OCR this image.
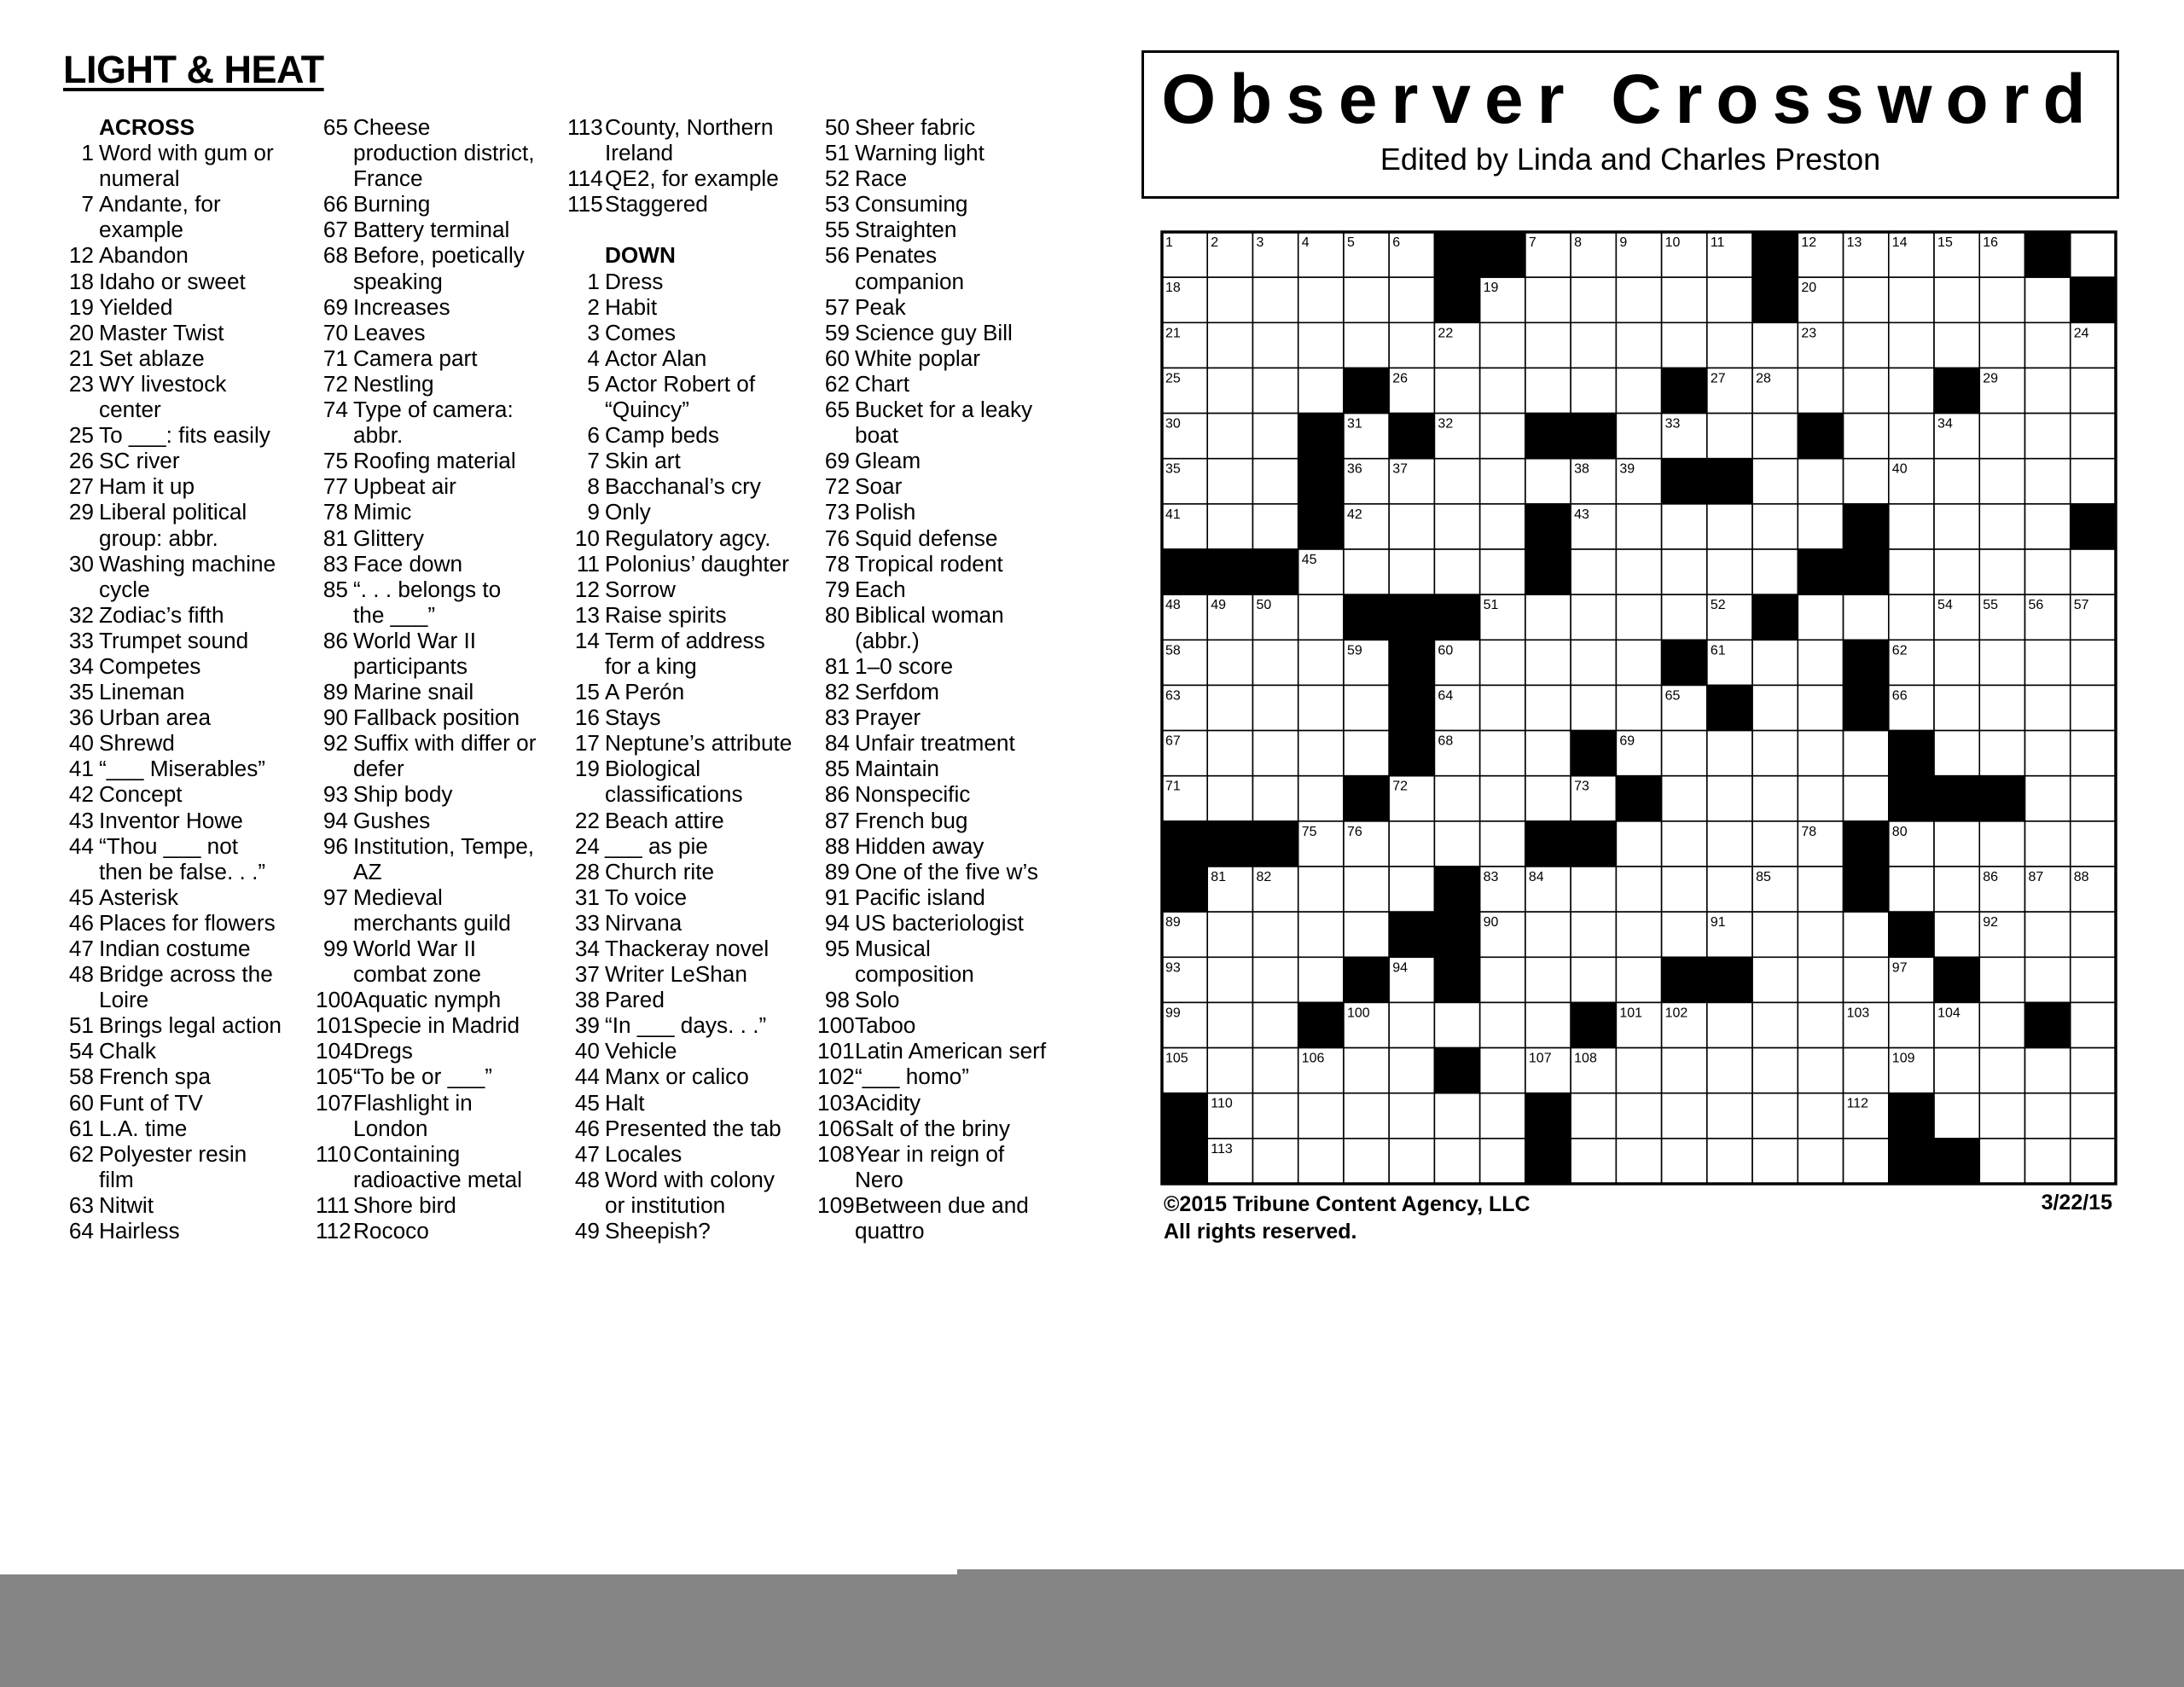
LIGHT & HEAT
ACROSS
1 Word with gum or
numeral
7 Andante, for
example
12 Abandon
18 Idaho or sweet
19 Yielded
20 Master Twist
21 Set ablaze
23 WY livestock
center
25 To ___: fits easily
26 SC river
27 Ham it up
29 Liberal political
group: abbr.
30 Washing machine
cycle
32 Zodiac’s fifth
33 Trumpet sound
34 Competes
35 Lineman
36 Urban area
40 Shrewd
41 “___ Miserables”
42 Concept
43 Inventor Howe
44 “Thou ___ not
then be false. . .”
45 Asterisk
46 Places for flowers
47 Indian costume
48 Bridge across the
Loire
51 Brings legal action
54 Chalk
58 French spa
60 Funt of TV
61 L.A. time
62 Polyester resin
film
63 Nitwit
64 Hairless
65 Cheese
production district,
France
66 Burning
67 Battery terminal
68 Before, poetically
speaking
69 Increases
70 Leaves
71 Camera part
72 Nestling
74 Type of camera:
abbr.
75 Roofing material
77 Upbeat air
78 Mimic
81 Glittery
83 Face down
85 “. . . belongs to
the ___”
86 World War II
participants
89 Marine snail
90 Fallback position
92 Suffix with differ or
defer
93 Ship body
94 Gushes
96 Institution, Tempe,
AZ
97 Medieval
merchants guild
99 World War II
combat zone
100 Aquatic nymph
101 Specie in Madrid
104 Dregs
105 “To be or ___”
107 Flashlight in
London
110 Containing
radioactive metal
111 Shore bird
112 Rococo
113 County, Northern
Ireland
114 QE2, for example
115 Staggered
DOWN
1 Dress
2 Habit
3 Comes
4 Actor Alan
5 Actor Robert of
“Quincy”
6 Camp beds
7 Skin art
8 Bacchanal’s cry
9 Only
10 Regulatory agcy.
11 Polonius’ daughter
12 Sorrow
13 Raise spirits
14 Term of address
for a king
15 A Perón
16 Stays
17 Neptune’s attribute
19 Biological
classifications
22 Beach attire
24 ___ as pie
28 Church rite
31 To voice
33 Nirvana
34 Thackeray novel
37 Writer LeShan
38 Pared
39 “In ___ days. . .”
40 Vehicle
44 Manx or calico
45 Halt
46 Presented the tab
47 Locales
48 Word with colony
or institution
49 Sheepish?
50 Sheer fabric
51 Warning light
52 Race
53 Consuming
55 Straighten
56 Penates
companion
57 Peak
59 Science guy Bill
60 White poplar
62 Chart
65 Bucket for a leaky
boat
69 Gleam
72 Soar
73 Polish
76 Squid defense
78 Tropical rodent
79 Each
80 Biblical woman
(abbr.)
81 1–0 score
82 Serfdom
83 Prayer
84 Unfair treatment
85 Maintain
86 Nonspecific
87 French bug
88 Hidden away
89 One of the five w’s
91 Pacific island
94 US bacteriologist
95 Musical
composition
98 Solo
100 Taboo
101 Latin American serf
102 “___ homo”
103 Acidity
106 Salt of the briny
108 Year in reign of
Nero
109 Between due and
quattro
Observer Crossword
Edited by Linda and Charles Preston
1	2	3	4	5	6	7	8	9	10 11	12 13 14 15 16
18	19	20
21	22	23	24
25	26	27 28	29
30	31	32	33	34
35	36 37	38 39	40
41	42	43
45
48 49 50	51	52	54 55 56 57
58	59	60	61	62
63	64	65	66
67	68	69
71	72	73
75 76	78	80
81 82	83 84	85	86 87 88
89	90	91	92
93	94	97
99	100	101 102	103	104
105	106	107 108	109
110	112
113
©2015 Tribune Content Agency, LLC
All rights reserved.
3/22/15
